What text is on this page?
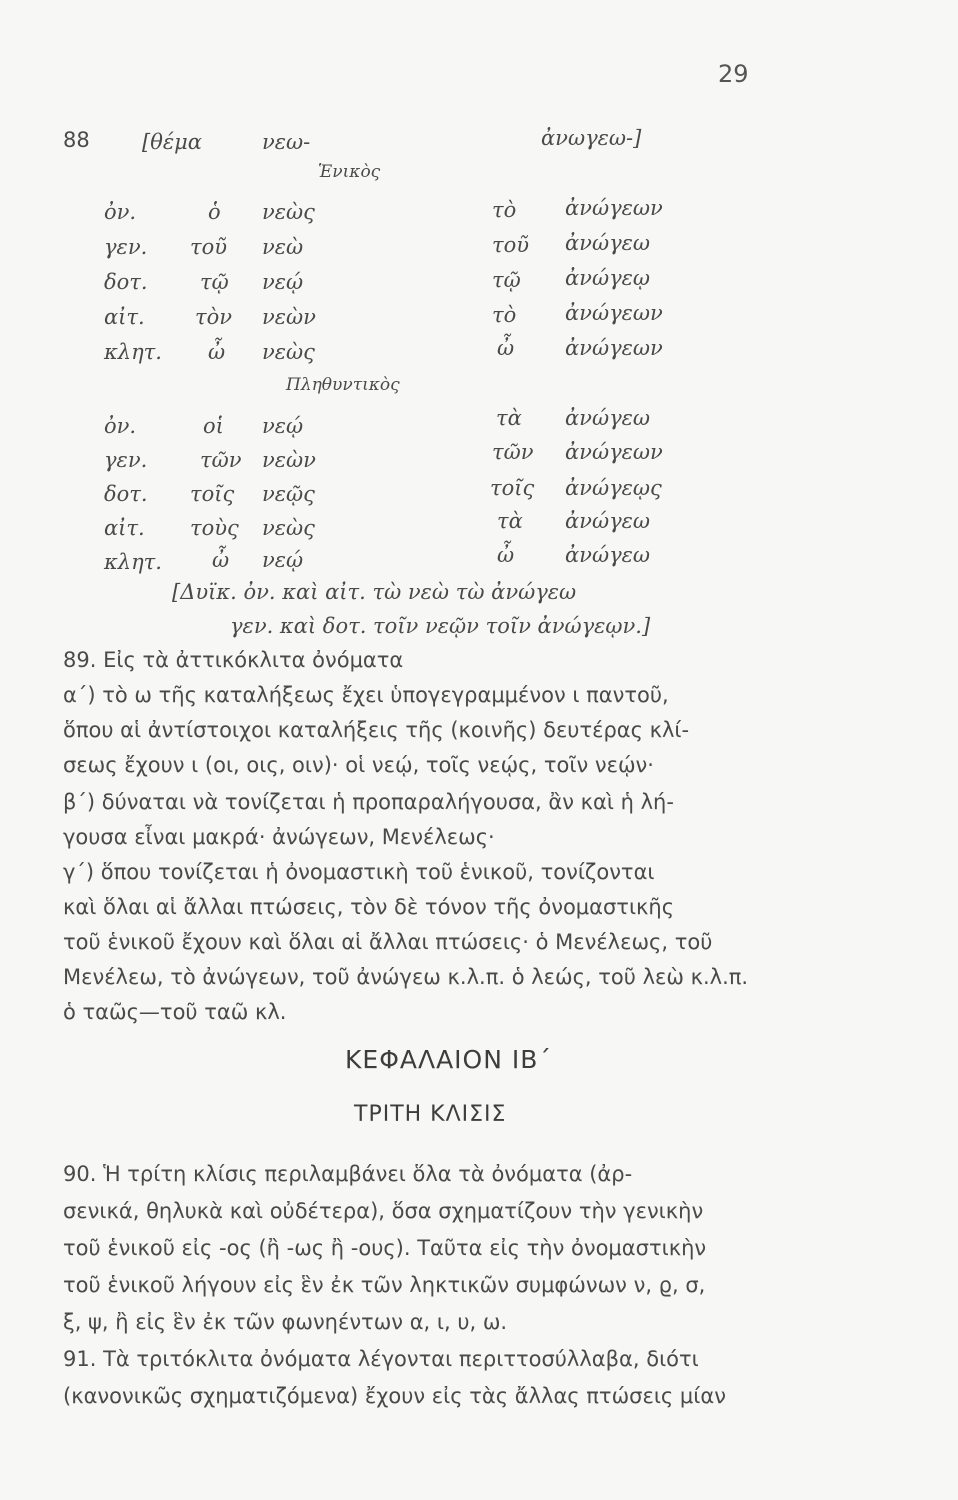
29
88 [θέμα	νεω-	ἀνωγεω-]
Ἑνικὸς
ὀν.	ὁ νεὼς	τὸ ἀνώγεων
γεν. τοῦ νεὼ	τοῦ ἀνώγεω
δοτ. τῷ νεῴ	τῷ ἀνώγεῳ
αἰτ. τὸν νεὼν	τὸ ἀνώγεων
κλητ. ὦ νεὼς	ὦ ἀνώγεων
Πληθυντικὸς
ὀν.	οἱ νεῴ	τὰ ἀνώγεω
γεν.	τῶν νεὼν	τῶν ἀνώγεων
δοτ. τοῖς νεῷς	τοῖς ἀνώγεῳς
αἰτ. τοὺς νεὼς	τὰ ἀνώγεω
κλητ. ὦ νεῴ	ὦ ἀνώγεω
[Δυϊκ. ὀν. καὶ αἰτ. τὼ νεὼ τὼ ἀνώγεω
γεν. καὶ δοτ. τοῖν νεῷν τοῖν ἀνώγεῳν.]
89. Εἰς τὰ ἀττικόκλιτα ὀνόματα
α΄) τὸ ω τῆς καταλήξεως ἔχει ὑπογεγραμμένον ι παντοῦ,
ὅπου αἱ ἀντίστοιχοι καταλήξεις τῆς (κοινῆς) δευτέρας κλί-
σεως ἔχουν ι (οι, οις, οιν)· οἱ νεῴ, τοῖς νεῴς, τοῖν νεῴν·
β΄) δύναται νὰ τονίζεται ἡ προπαραλήγουσα, ἂν καὶ ἡ λή-
γουσα εἶναι μακρά· ἀνώγεων, Μενέλεως·
γ΄) ὅπου τονίζεται ἡ ὀνομαστικὴ τοῦ ἑνικοῦ, τονίζονται
καὶ ὅλαι αἱ ἄλλαι πτώσεις, τὸν δὲ τόνον τῆς ὀνομαστικῆς
τοῦ ἑνικοῦ ἔχουν καὶ ὅλαι αἱ ἄλλαι πτώσεις· ὁ Μενέλεως, τοῦ
Μενέλεω, τὸ ἀνώγεων, τοῦ ἀνώγεω κ.λ.π. ὁ λεώς, τοῦ λεὼ κ.λ.π.
ὁ ταῶς—τοῦ ταῶ κλ.
ΚΕΦΑΛΑΙΟΝ ΙΒ΄
ΤΡΙΤΗ ΚΛΙΣΙΣ
90. Ἡ τρίτη κλίσις περιλαμβάνει ὅλα τὰ ὀνόματα (ἀρ-
σενικά, θηλυκὰ καὶ οὐδέτερα), ὅσα σχηματίζουν τὴν γενικὴν
τοῦ ἑνικοῦ εἰς -ος (ἢ -ως ἢ -ους). Ταῦτα εἰς τὴν ὀνομαστικὴν
τοῦ ἑνικοῦ λήγουν εἰς ἓν ἐκ τῶν ληκτικῶν συμφώνων ν, ϱ, σ,
ξ, ψ, ἢ εἰς ἓν ἐκ τῶν φωνηέντων α, ι, υ, ω.
91. Τὰ τριτόκλιτα ὀνόματα λέγονται περιττοσύλλαβα, διότι
(κανονικῶς σχηματιζόμενα) ἔχουν εἰς τὰς ἄλλας πτώσεις μίαν
